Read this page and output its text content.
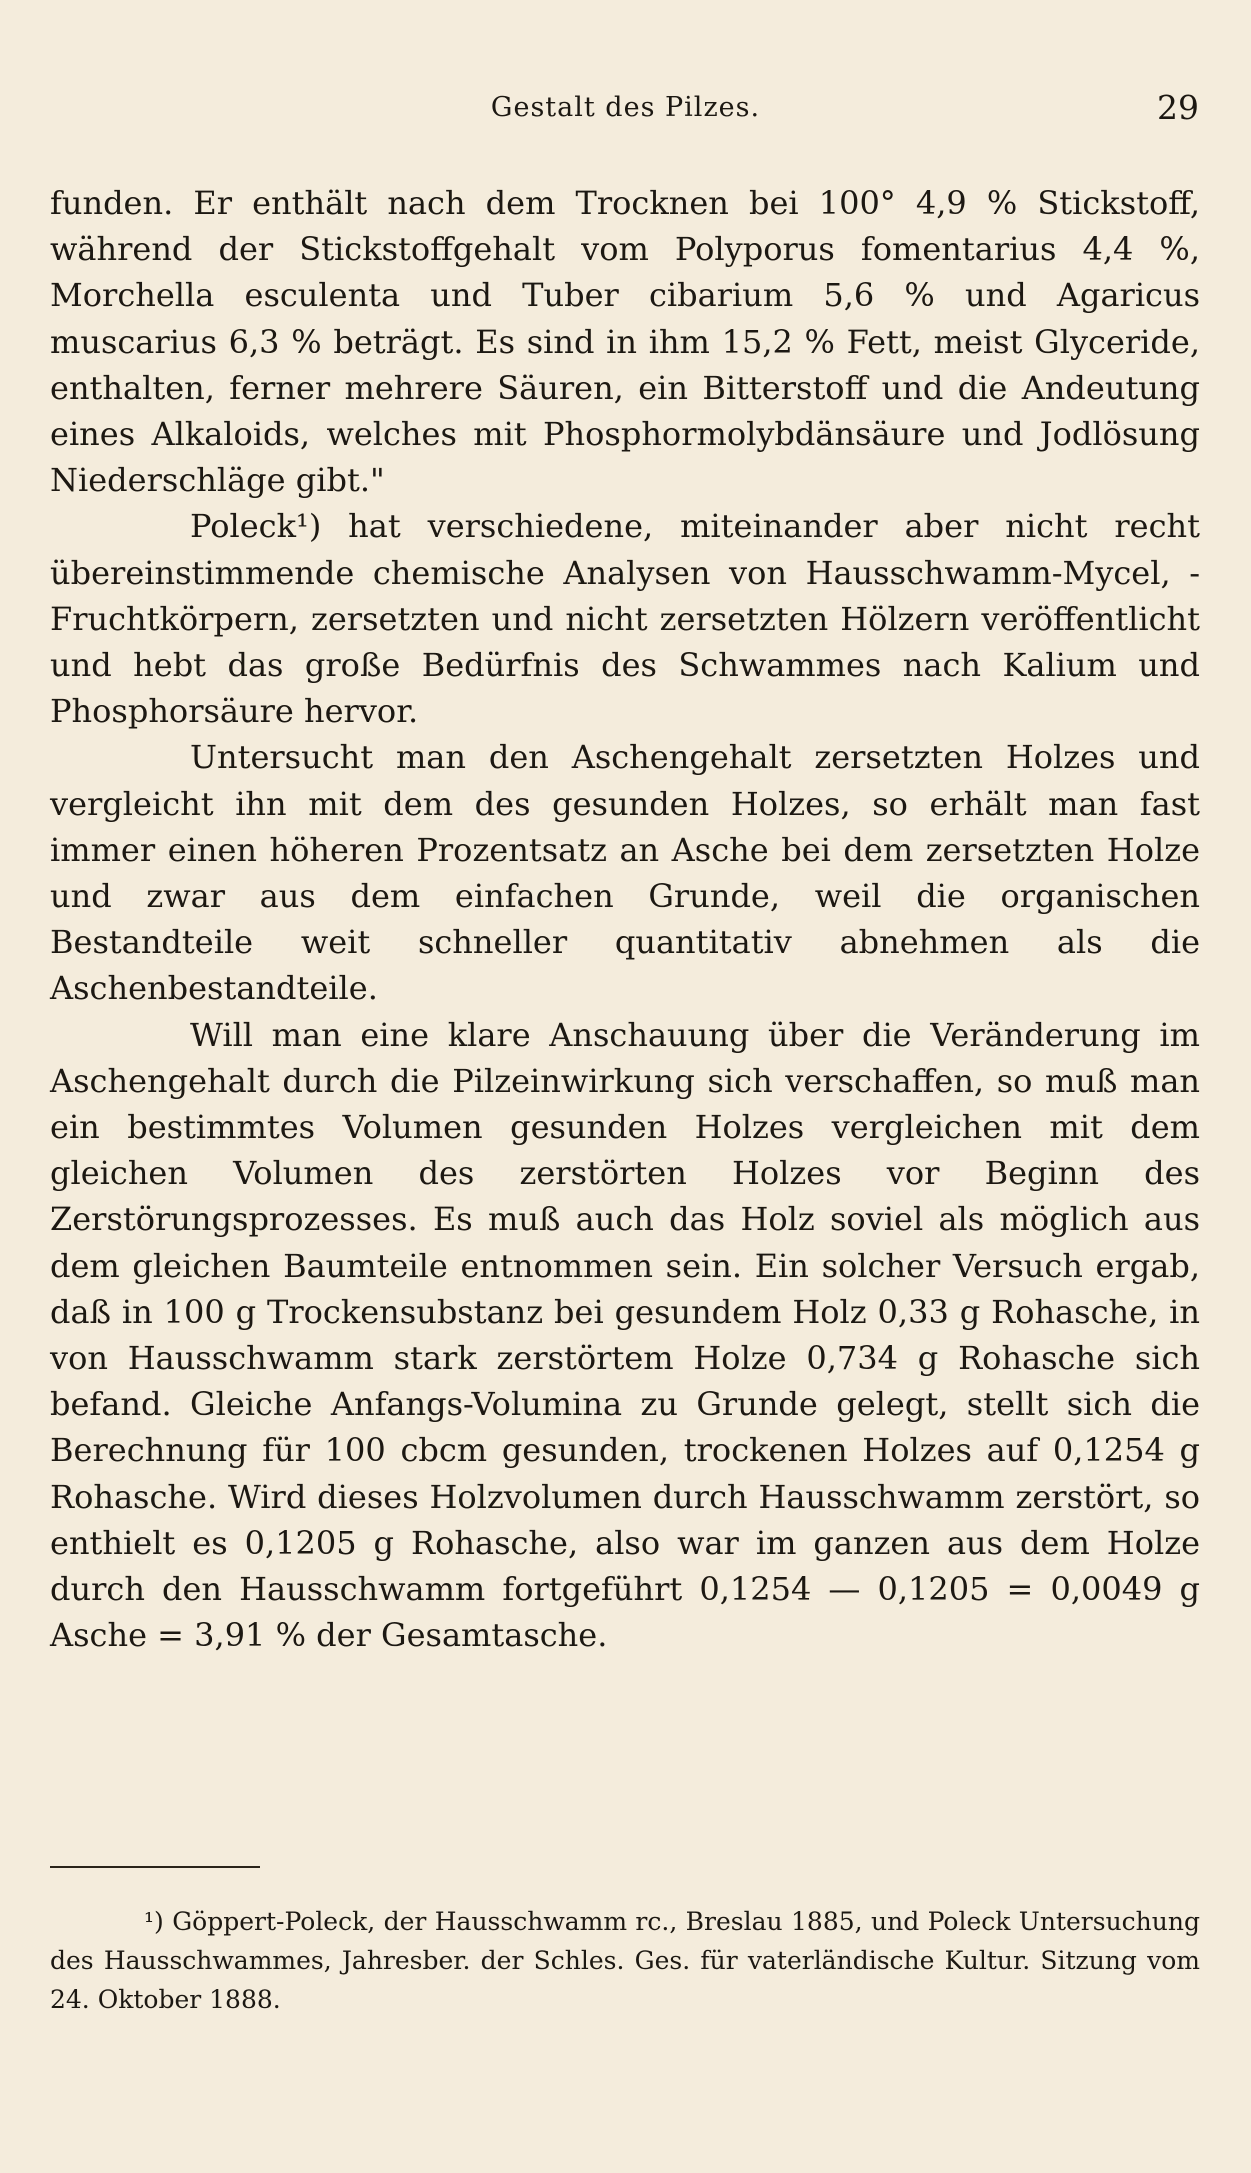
Gestalt des Pilzes.	29

funden. Er enthält nach dem Trocknen bei 100° 4,9 % Stickstoff, während der Stickstoffgehalt vom Polyporus fomentarius 4,4 %, Morchella esculenta und Tuber cibarium 5,6 % und Agaricus muscarius 6,3 % beträgt. Es sind in ihm 15,2 % Fett, meist Glyceride, enthalten, ferner mehrere Säuren, ein Bitterstoff und die Andeutung eines Alkaloids, welches mit Phosphormolybdänsäure und Jodlösung Niederschläge gibt."

Poleck¹) hat verschiedene, miteinander aber nicht recht übereinstimmende chemische Analysen von Hausschwamm-Mycel, -Fruchtkörpern, zersetzten und nicht zersetzten Hölzern veröffentlicht und hebt das große Bedürfnis des Schwammes nach Kalium und Phosphorsäure hervor.

Untersucht man den Aschengehalt zersetzten Holzes und vergleicht ihn mit dem des gesunden Holzes, so erhält man fast immer einen höheren Prozentsatz an Asche bei dem zersetzten Holze und zwar aus dem einfachen Grunde, weil die organischen Bestandteile weit schneller quantitativ abnehmen als die Aschenbestandteile.

Will man eine klare Anschauung über die Veränderung im Aschengehalt durch die Pilzeinwirkung sich verschaffen, so muß man ein bestimmtes Volumen gesunden Holzes vergleichen mit dem gleichen Volumen des zerstörten Holzes vor Beginn des Zerstörungsprozesses. Es muß auch das Holz soviel als möglich aus dem gleichen Baumteile entnommen sein. Ein solcher Versuch ergab, daß in 100 g Trockensubstanz bei gesundem Holz 0,33 g Rohasche, in von Hausschwamm stark zerstörtem Holze 0,734 g Rohasche sich befand. Gleiche Anfangs-Volumina zu Grunde gelegt, stellt sich die Berechnung für 100 cbcm gesunden, trockenen Holzes auf 0,1254 g Rohasche. Wird dieses Holzvolumen durch Hausschwamm zerstört, so enthielt es 0,1205 g Rohasche, also war im ganzen aus dem Holze durch den Hausschwamm fortgeführt 0,1254 — 0,1205 = 0,0049 g Asche = 3,91 % der Gesamtasche.

¹) Göppert-Poleck, der Hausschwamm rc., Breslau 1885, und Poleck Untersuchung des Hausschwammes, Jahresber. der Schles. Ges. für vaterländische Kultur. Sitzung vom 24. Oktober 1888.
